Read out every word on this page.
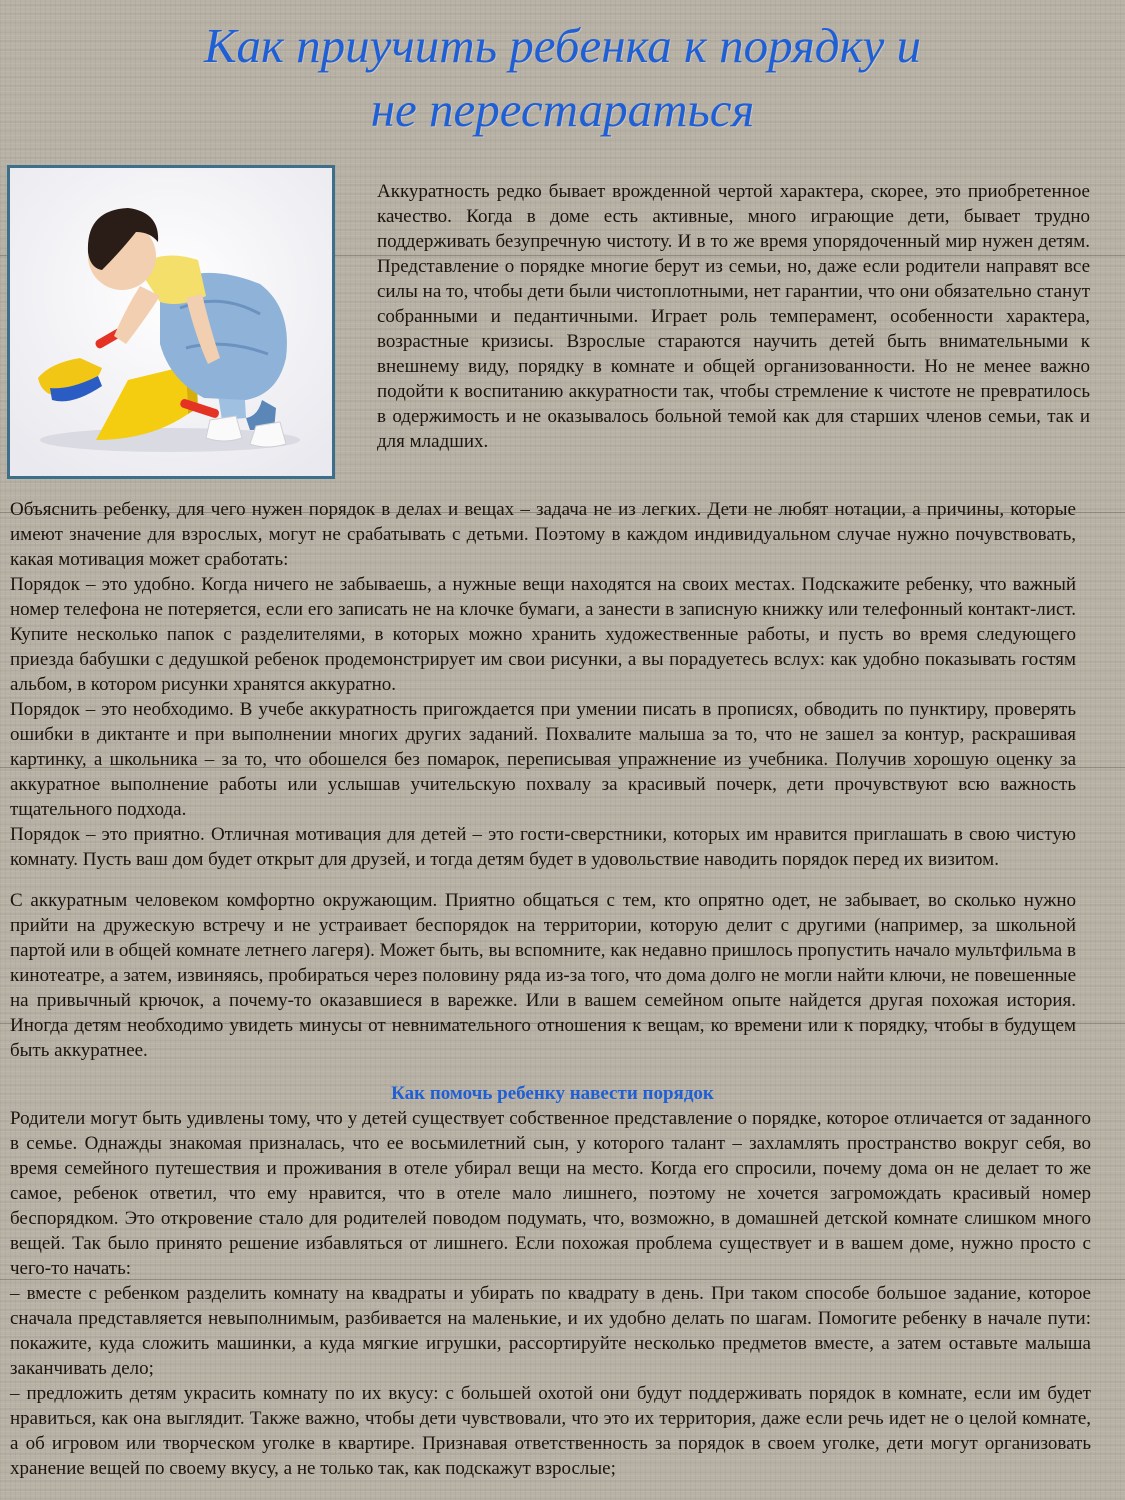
Как приучить ребенка к порядку и
не перестараться

Аккуратность редко бывает врожденной чертой характера, скорее, это приобретенное качество. Когда в доме есть активные, много играющие дети, бывает трудно поддерживать безупречную чистоту. И в то же время упорядоченный мир нужен детям. Представление о порядке многие берут из семьи, но, даже если родители направят все силы на то, чтобы дети были чистоплотными, нет гарантии, что они обязательно станут собранными и педантичными. Играет роль темперамент, особенности характера, возрастные кризисы. Взрослые стараются научить детей быть внимательными к внешнему виду, порядку в комнате и общей организованности. Но не менее важно подойти к воспитанию аккуратности так, чтобы стремление к чистоте не превратилось в одержимость и не оказывалось больной темой как для старших членов семьи, так и для младших.

Объяснить ребенку, для чего нужен порядок в делах и вещах – задача не из легких. Дети не любят нотации, а причины, которые имеют значение для взрослых, могут не срабатывать с детьми. Поэтому в каждом индивидуальном случае нужно почувствовать, какая мотивация может сработать:

Порядок – это удобно. Когда ничего не забываешь, а нужные вещи находятся на своих местах. Подскажите ребенку, что важный номер телефона не потеряется, если его записать не на клочке бумаги, а занести в записную книжку или телефонный контакт-лист. Купите несколько папок с разделителями, в которых можно хранить художественные работы, и пусть во время следующего приезда бабушки с дедушкой ребенок продемонстрирует им свои рисунки, а вы порадуетесь вслух: как удобно показывать гостям альбом, в котором рисунки хранятся аккуратно.

Порядок – это необходимо. В учебе аккуратность пригождается при умении писать в прописях, обводить по пунктиру, проверять ошибки в диктанте и при выполнении многих других заданий. Похвалите малыша за то, что не зашел за контур, раскрашивая картинку, а школьника – за то, что обошелся без помарок, переписывая упражнение из учебника. Получив хорошую оценку за аккуратное выполнение работы или услышав учительскую похвалу за красивый почерк, дети прочувствуют всю важность тщательного подхода.

Порядок – это приятно. Отличная мотивация для детей – это гости-сверстники, которых им нравится приглашать в свою чистую комнату. Пусть ваш дом будет открыт для друзей, и тогда детям будет в удовольствие наводить порядок перед их визитом.

С аккуратным человеком комфортно окружающим. Приятно общаться с тем, кто опрятно одет, не забывает, во сколько нужно прийти на дружескую встречу и не устраивает беспорядок на территории, которую делит с другими (например, за школьной партой или в общей комнате летнего лагеря). Может быть, вы вспомните, как недавно пришлось пропустить начало мультфильма в кинотеатре, а затем, извиняясь, пробираться через половину ряда из-за того, что дома долго не могли найти ключи, не повешенные на привычный крючок, а почему-то оказавшиеся в варежке. Или в вашем семейном опыте найдется другая похожая история. Иногда детям необходимо увидеть минусы от невнимательного отношения к вещам, ко времени или к порядку, чтобы в будущем быть аккуратнее.

Как помочь ребенку навести порядок

Родители могут быть удивлены тому, что у детей существует собственное представление о порядке, которое отличается от заданного в семье. Однажды знакомая призналась, что ее восьмилетний сын, у которого талант – захламлять пространство вокруг себя, во время семейного путешествия и проживания в отеле убирал вещи на место. Когда его спросили, почему дома он не делает то же самое, ребенок ответил, что ему нравится, что в отеле мало лишнего, поэтому не хочется загромождать красивый номер беспорядком. Это откровение стало для родителей поводом подумать, что, возможно, в домашней детской комнате слишком много вещей. Так было принято решение избавляться от лишнего. Если похожая проблема существует и в вашем доме, нужно просто с чего-то начать:

– вместе с ребенком разделить комнату на квадраты и убирать по квадрату в день. При таком способе большое задание, которое сначала представляется невыполнимым, разбивается на маленькие, и их удобно делать по шагам. Помогите ребенку в начале пути: покажите, куда сложить машинки, а куда мягкие игрушки, рассортируйте несколько предметов вместе, а затем оставьте малыша заканчивать дело;

– предложить детям украсить комнату по их вкусу: с большей охотой они будут поддерживать порядок в комнате, если им будет нравиться, как она выглядит. Также важно, чтобы дети чувствовали, что это их территория, даже если речь идет не о целой комнате, а об игровом или творческом уголке в квартире. Признавая ответственность за порядок в своем уголке, дети могут организовать хранение вещей по своему вкусу, а не только так, как подскажут взрослые;
